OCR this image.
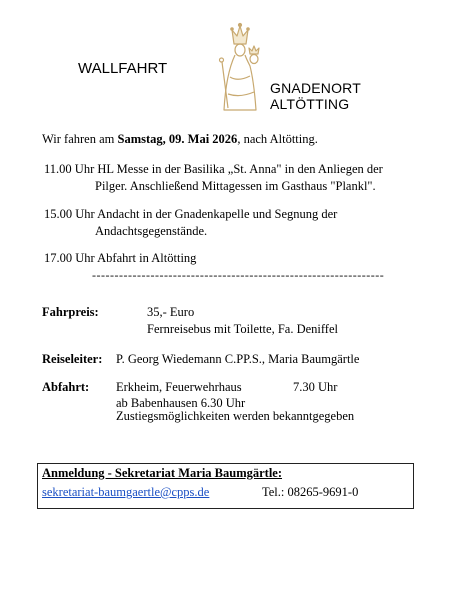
WALLFAHRT
GNADENORT
ALTÖTTING
Wir fahren am Samstag, 09. Mai 2026, nach Altötting.
11.00 Uhr HL Messe in der Basilika „St. Anna" in den Anliegen der
Pilger. Anschließend Mittagessen im Gasthaus "Plankl".
15.00 Uhr Andacht in der Gnadenkapelle und Segnung der
Andachtsgegenstände.
17.00 Uhr Abfahrt in Altötting
-----------------------------------------------------------------
Fahrpreis:	35,- Euro
Fernreisebus mit Toilette, Fa. Deniffel
Reiseleiter: P. Georg Wiedemann C.PP.S., Maria Baumgärtle
Abfahrt: Erkheim, Feuerwehrhaus	7.30 Uhr
ab Babenhausen 6.30 Uhr
Zustiegsmöglichkeiten werden bekanntgegeben
Anmeldung - Sekretariat Maria Baumgärtle:
sekretariat-baumgaertle@cpps.de	Tel.: 08265-9691-0
